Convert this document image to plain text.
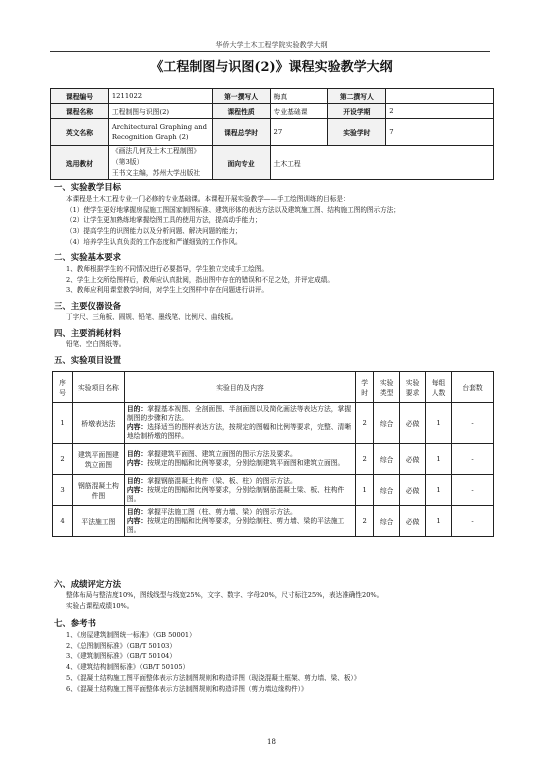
华侨大学土木工程学院实验教学大纲
《工程制图与识图(2)》课程实验教学大纲
课程编号	1211022	第一撰写人	梅真	第二撰写人	
课程名称	工程制图与识图(2)	课程性质	专业基础课	开设学期	2
英文名称	Architectural Graphing and
Recognition Graph (2)	课程总学时	27	实验学时	7
选用教材	《画法几何及土木工程制图》（第3版）
王书文主编，苏州大学出版社	面向专业	土木工程		
一、实验教学目标
本课程是土木工程专业一门必修的专业基础课。本课程开展实验教学——手工绘图训练的目标是：
（1）使学生更好地掌握房屋施工图国家制图标准、建筑形体的表达方法以及建筑施工图、结构施工图的图示方法；
（2）让学生更加熟练地掌握绘图工具的使用方法，提高动手能力；
（3）提高学生的识图能力以及分析问题、解决问题的能力；
（4）培养学生认真负责的工作态度和严谨细致的工作作风。
二、实验基本要求
1、教师根据学生的不同情况进行必要指导，学生独立完成手工绘图。
2、学生上交所绘图样后，教师应认真批阅，指出图中存在的错误和不足之处，并评定成绩。
3、教师应利用课堂教学时间，对学生上交图样中存在问题进行讲评。
三、主要仪器设备
丁字尺、三角板、圆规、铅笔、墨线笔、比例尺、曲线板。
四、主要消耗材料
铅笔、空白图纸等。
五、实验项目设置
序号	实验项目名称	实验目的及内容	学时	实验类型	实验要求	每组人数	台套数
1	桥墩表达法	目的：掌握基本视图、全剖面图、半剖面图以及简化画法等表达方法，掌握制图的步骤和方法。
内容：选择适当的图样表达方法，按规定的图幅和比例等要求，完整、清晰地绘制桥墩的图样。	2	综合	必做	1	-
2	建筑平面图建筑立面图	目的：掌握建筑平面图、建筑立面图的图示方法及要求。
内容：按规定的图幅和比例等要求，分别绘制建筑平面图和建筑立面图。	2	综合	必做	1	-
3	钢筋混凝土构件图	目的：掌握钢筋混凝土构件（梁、板、柱）的图示方法。
内容：按规定的图幅和比例等要求，分别绘制钢筋混凝土梁、板、柱构件图。	1	综合	必做	1	-
4	平法施工图	目的：掌握平法施工图（柱、剪力墙、梁）的图示方法。
内容：按规定的图幅和比例等要求，分别绘制柱、剪力墙、梁的平法施工图。	2	综合	必做	1	-
六、成绩评定方法
整体布局与整洁度10%，图线线型与线宽25%，文字、数字、字母20%，尺寸标注25%，表达准确性20%。
实验占课程成绩10%。
七、参考书
1、《房屋建筑制图统一标准》（GB 50001）
2、《总图制图标准》（GB/T 50103）
3、《建筑制图标准》（GB/T 50104）
4、《建筑结构制图标准》（GB/T 50105）
5、《混凝土结构施工图平面整体表示方法制图规则和构造详图（现浇混凝土框架、剪力墙、梁、板）》
6、《混凝土结构施工图平面整体表示方法制图规则和构造详图（剪力墙边缘构件）》
18
